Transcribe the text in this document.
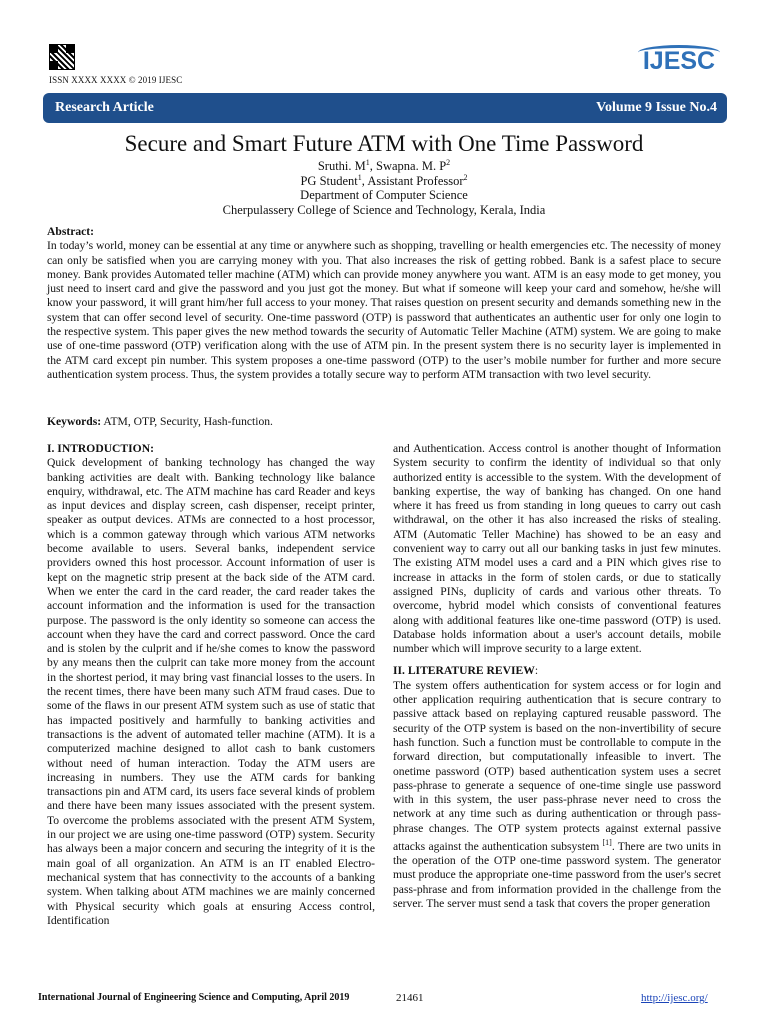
ISSN XXXX XXXX © 2019 IJESC
IJESC
Research Article	Volume 9 Issue No.4
Secure and Smart Future ATM with One Time Password
Sruthi. $M^1$, Swapna. M. $P^2$
PG Student$^1$, Assistant Professor$^2$
Department of Computer Science
Cherpulassery College of Science and Technology, Kerala, India
Abstract:
In today’s world, money can be essential at any time or anywhere such as shopping, travelling or health emergencies etc. The necessity of money can only be satisfied when you are carrying money with you. That also increases the risk of getting robbed. Bank is a safest place to secure money. Bank provides Automated teller machine (ATM) which can provide money anywhere you want. ATM is an easy mode to get money, you just need to insert card and give the password and you just got the money. But what if someone will keep your card and somehow, he/she will know your password, it will grant him/her full access to your money. That raises question on present security and demands something new in the system that can offer second level of security. One-time password (OTP) is password that authenticates an authentic user for only one login to the respective system. This paper gives the new method towards the security of Automatic Teller Machine (ATM) system. We are going to make use of one-time password (OTP) verification along with the use of ATM pin. In the present system there is no security layer is implemented in the ATM card except pin number. This system proposes a one-time password (OTP) to the user’s mobile number for further and more secure authentication system process. Thus, the system provides a totally secure way to perform ATM transaction with two level security.
Keywords: ATM, OTP, Security, Hash-function.

I. INTRODUCTION:

Quick development of banking technology has changed the way banking activities are dealt with. Banking technology like balance enquiry, withdrawal, etc. The ATM machine has card Reader and keys as input devices and display screen, cash dispenser, receipt printer, speaker as output devices. ATMs are connected to a host processor, which is a common gateway through which various ATM networks become available to users. Several banks, independent service providers owned this host processor. Account information of user is kept on the magnetic strip present at the back side of the ATM card. When we enter the card in the card reader, the card reader takes the account information and the information is used for the transaction purpose. The password is the only identity so someone can access the account when they have the card and correct password. Once the card and is stolen by the culprit and if he/she comes to know the password by any means then the culprit can take more money from the account in the shortest period, it may bring vast financial losses to the users. In the recent times, there have been many such ATM fraud cases. Due to some of the flaws in our present ATM system such as use of static that has impacted positively and harmfully to banking activities and transactions is the advent of automated teller machine (ATM). It is a computerized machine designed to allot cash to bank customers without need of human interaction. Today the ATM users are increasing in numbers. They use the ATM cards for banking transactions pin and ATM card, its users face several kinds of problem and there have been many issues associated with the present system. To overcome the problems associated with the present ATM System, in our project we are using one-time password (OTP) system. Security has always been a major concern and securing the integrity of it is the main goal of all organization. An ATM is an IT enabled Electro-mechanical system that has connectivity to the accounts of a banking system. When talking about ATM machines we are mainly concerned with Physical security which goals at ensuring Access control, Identification

and Authentication. Access control is another thought of Information System security to confirm the identity of individual so that only authorized entity is accessible to the system. With the development of banking expertise, the way of banking has changed. On one hand where it has freed us from standing in long queues to carry out cash withdrawal, on the other it has also increased the risks of stealing. ATM (Automatic Teller Machine) has showed to be an easy and convenient way to carry out all our banking tasks in just few minutes. The existing ATM model uses a card and a PIN which gives rise to increase in attacks in the form of stolen cards, or due to statically assigned PINs, duplicity of cards and various other threats. To overcome, hybrid model which consists of conventional features along with additional features like one-time password (OTP) is used. Database holds information about a user's account details, mobile number which will improve security to a large extent.

II. LITERATURE REVIEW:

The system offers authentication for system access or for login and other application requiring authentication that is secure contrary to passive attack based on replaying captured reusable password. The security of the OTP system is based on the non-invertibility of secure hash function. Such a function must be controllable to compute in the forward direction, but computationally infeasible to invert. The onetime password (OTP) based authentication system uses a secret pass-phrase to generate a sequence of one-time single use password with in this system, the user pass-phrase never need to cross the network at any time such as during authentication or through pass-phrase changes. The OTP system protects against external passive attacks against the authentication subsystem [1]. There are two units in the operation of the OTP one-time password system. The generator must produce the appropriate one-time password from the user's secret pass-phrase and from information provided in the challenge from the server. The server must send a task that covers the proper generation

International Journal of Engineering Science and Computing, April 2019	21461	http://ijesc.org/
